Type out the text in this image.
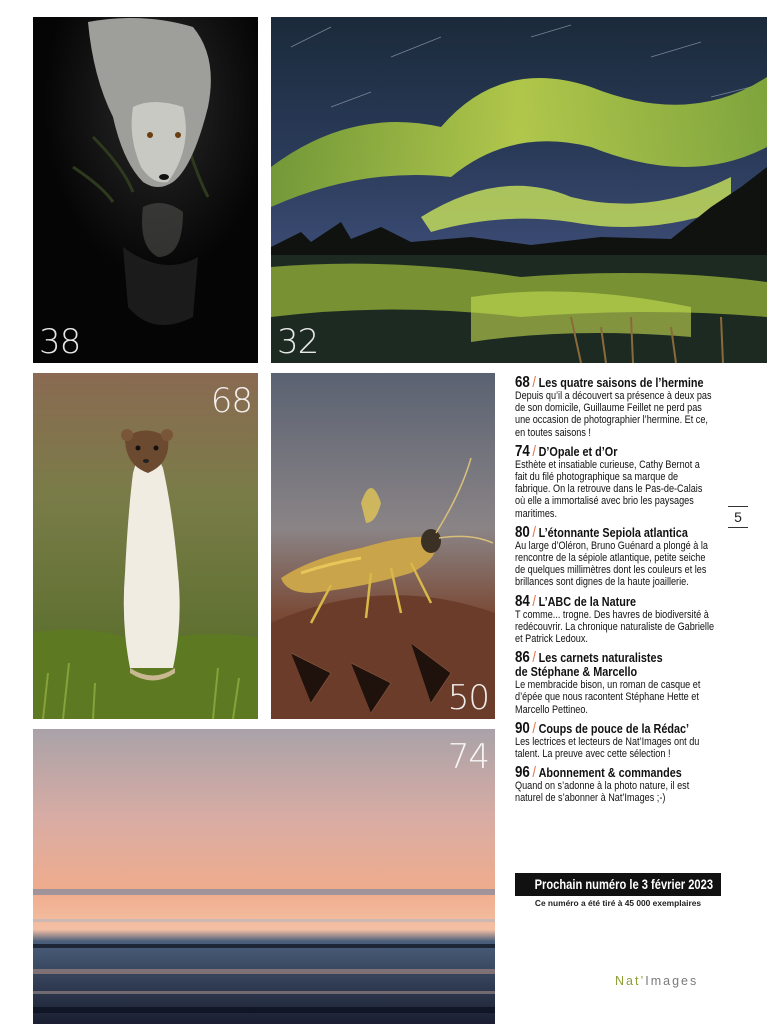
38	32
68
50
74
68 / Les quatre saisons de l’hermine
Depuis qu’il a découvert sa présence à deux pas de son domicile, Guillaume Feillet ne perd pas une occasion de photographier l’hermine. Et ce, en toutes saisons !
74 / D’Opale et d’Or
Esthète et insatiable curieuse, Cathy Bernot a fait du filé photographique sa marque de fabrique. On la retrouve dans le Pas-de-Calais où elle a immortalisé avec brio les paysages maritimes.
80 / L’étonnante Sepiola atlantica
Au large d’Oléron, Bruno Guénard a plongé à la rencontre de la sépiole atlantique, petite seiche de quelques millimètres dont les couleurs et les brillances sont dignes de la haute joaillerie.
84 / L’ABC de la Nature
T comme... trogne. Des havres de biodiversité à redécouvrir. La chronique naturaliste de Gabrielle et Patrick Ledoux.
86 / Les carnets naturalistes
de Stéphane & Marcello
Le membracide bison, un roman de casque et d’épée que nous racontent Stéphane Hette et Marcello Pettineo.
90 / Coups de pouce de la Rédac’
Les lectrices et lecteurs de Nat’Images ont du talent. La preuve avec cette sélection !
96 / Abonnement & commandes
Quand on s’adonne à la photo nature, il est naturel de s’abonner à Nat’Images ;-)
5
Prochain numéro le 3 février 2023
Ce numéro a été tiré à 45 000 exemplaires
Nat’Images
